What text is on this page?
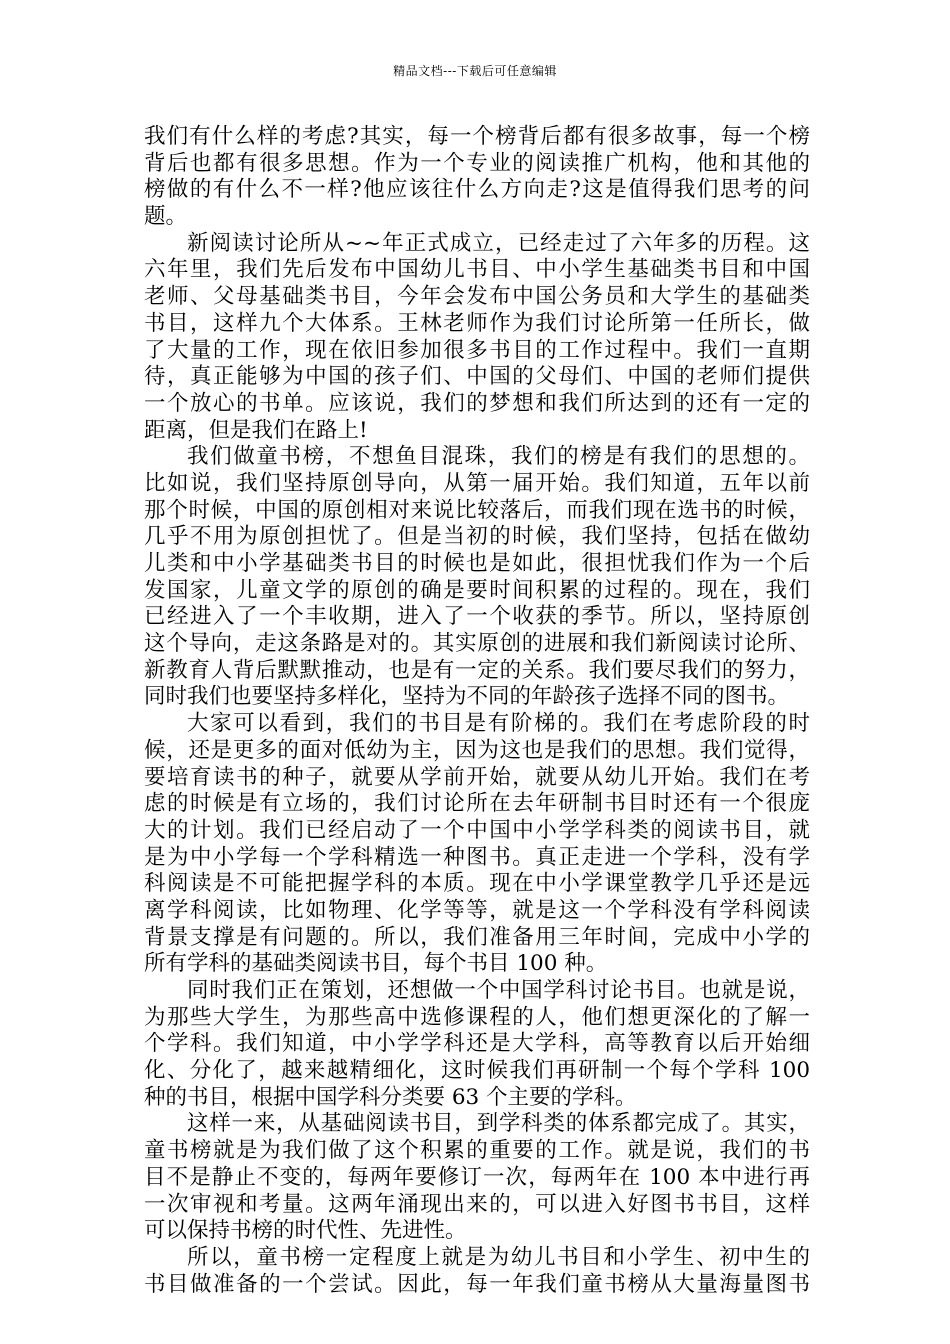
精品文档---下载后可任意编辑
我们有什么样的考虑?其实，每一个榜背后都有很多故事，每一个榜
背后也都有很多思想。作为一个专业的阅读推广机构，他和其他的
榜做的有什么不一样?他应该往什么方向走?这是值得我们思考的问
题。
新阅读讨论所从~~年正式成立，已经走过了六年多的历程。这
六年里，我们先后发布中国幼儿书目、中小学生基础类书目和中国
老师、父母基础类书目，今年会发布中国公务员和大学生的基础类
书目，这样九个大体系。王林老师作为我们讨论所第一任所长，做
了大量的工作，现在依旧参加很多书目的工作过程中。我们一直期
待，真正能够为中国的孩子们、中国的父母们、中国的老师们提供
一个放心的书单。应该说，我们的梦想和我们所达到的还有一定的
距离，但是我们在路上!
我们做童书榜，不想鱼目混珠，我们的榜是有我们的思想的。
比如说，我们坚持原创导向，从第一届开始。我们知道，五年以前
那个时候，中国的原创相对来说比较落后，而我们现在选书的时候，
几乎不用为原创担忧了。但是当初的时候，我们坚持，包括在做幼
儿类和中小学基础类书目的时候也是如此，很担忧我们作为一个后
发国家，儿童文学的原创的确是要时间积累的过程的。现在，我们
已经进入了一个丰收期，进入了一个收获的季节。所以，坚持原创
这个导向，走这条路是对的。其实原创的进展和我们新阅读讨论所、
新教育人背后默默推动，也是有一定的关系。我们要尽我们的努力，
同时我们也要坚持多样化，坚持为不同的年龄孩子选择不同的图书。
大家可以看到，我们的书目是有阶梯的。我们在考虑阶段的时
候，还是更多的面对低幼为主，因为这也是我们的思想。我们觉得，
要培育读书的种子，就要从学前开始，就要从幼儿开始。我们在考
虑的时候是有立场的，我们讨论所在去年研制书目时还有一个很庞
大的计划。我们已经启动了一个中国中小学学科类的阅读书目，就
是为中小学每一个学科精选一种图书。真正走进一个学科，没有学
科阅读是不可能把握学科的本质。现在中小学课堂教学几乎还是远
离学科阅读，比如物理、化学等等，就是这一个学科没有学科阅读
背景支撑是有问题的。所以，我们准备用三年时间，完成中小学的
所有学科的基础类阅读书目，每个书目 100 种。
同时我们正在策划，还想做一个中国学科讨论书目。也就是说，
为那些大学生，为那些高中选修课程的人，他们想更深化的了解一
个学科。我们知道，中小学学科还是大学科，高等教育以后开始细
化、分化了，越来越精细化，这时候我们再研制一个每个学科 100
种的书目，根据中国学科分类要 63 个主要的学科。
这样一来，从基础阅读书目，到学科类的体系都完成了。其实，
童书榜就是为我们做了这个积累的重要的工作。就是说，我们的书
目不是静止不变的，每两年要修订一次，每两年在 100 本中进行再
一次审视和考量。这两年涌现出来的，可以进入好图书书目，这样
可以保持书榜的时代性、先进性。
所以，童书榜一定程度上就是为幼儿书目和小学生、初中生的
书目做准备的一个尝试。因此，每一年我们童书榜从大量海量图书
